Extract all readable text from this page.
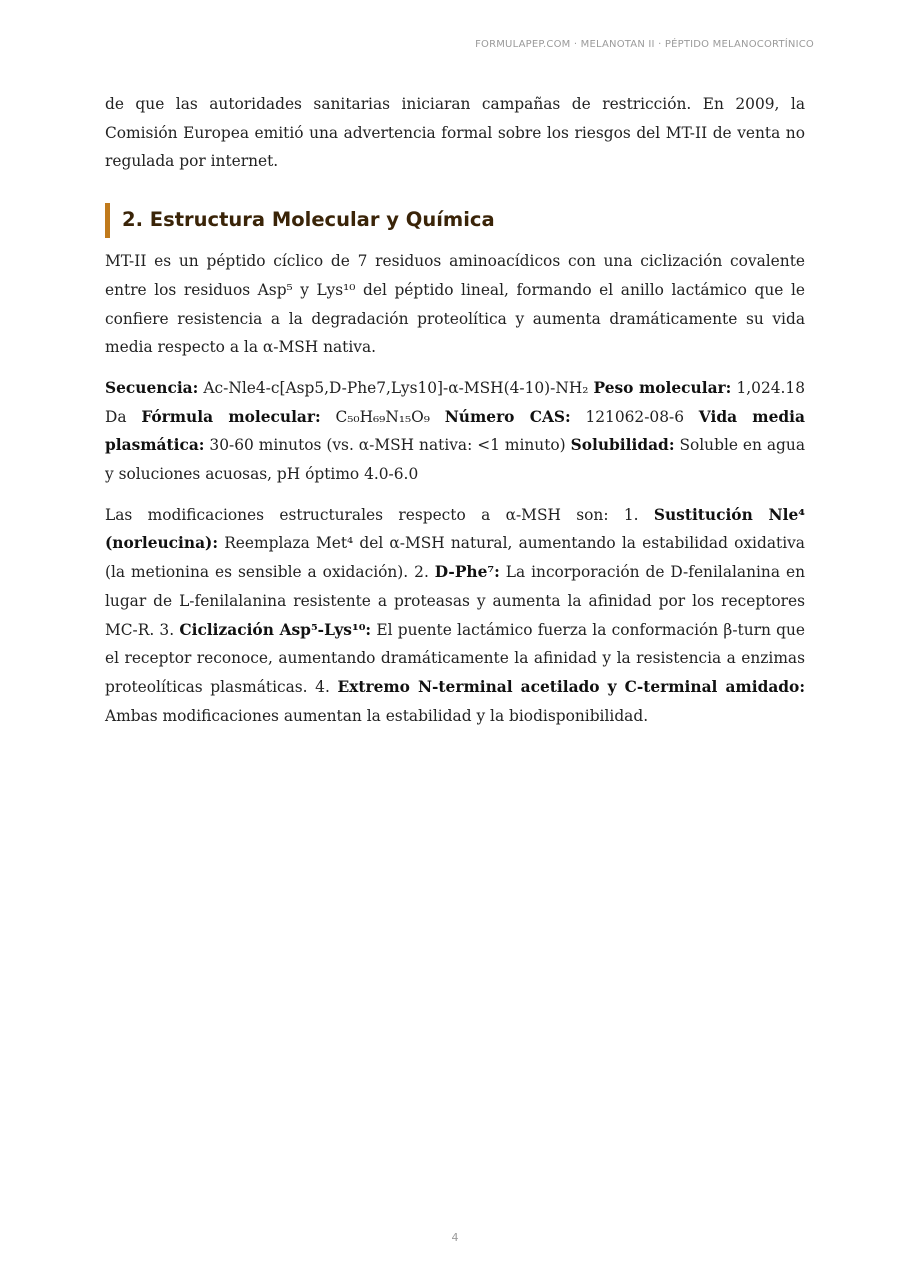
FORMULAPEP.COM · MELANOTAN II · PÉPTIDO MELANOCORTÍNICO

de que las autoridades sanitarias iniciaran campañas de restricción. En 2009, la Comisión Europea emitió una advertencia formal sobre los riesgos del MT-II de venta no regulada por internet.

2. Estructura Molecular y Química

MT-II es un péptido cíclico de 7 residuos aminoacídicos con una ciclización covalente entre los residuos Asp⁵ y Lys¹⁰ del péptido lineal, formando el anillo lactámico que le confiere resistencia a la degradación proteolítica y aumenta dramáticamente su vida media respecto a la α-MSH nativa.

Secuencia: Ac-Nle4-c[Asp5,D-Phe7,Lys10]-α-MSH(4-10)-NH₂ Peso molecular: 1,024.18 Da Fórmula molecular: C₅₀H₆₉N₁₅O₉ Número CAS: 121062-08-6 Vida media plasmática: 30-60 minutos (vs. α-MSH nativa: <1 minuto) Solubilidad: Soluble en agua y soluciones acuosas, pH óptimo 4.0-6.0

Las modificaciones estructurales respecto a α-MSH son: 1. Sustitución Nle⁴ (norleucina): Reemplaza Met⁴ del α-MSH natural, aumentando la estabilidad oxidativa (la metionina es sensible a oxidación). 2. D-Phe⁷: La incorporación de D-fenilalanina en lugar de L-fenilalanina resistente a proteasas y aumenta la afinidad por los receptores MC-R. 3. Ciclización Asp⁵-Lys¹⁰: El puente lactámico fuerza la conformación β-turn que el receptor reconoce, aumentando dramáticamente la afinidad y la resistencia a enzimas proteolíticas plasmáticas. 4. Extremo N-terminal acetilado y C-terminal amidado: Ambas modificaciones aumentan la estabilidad y la biodisponibilidad.

4
